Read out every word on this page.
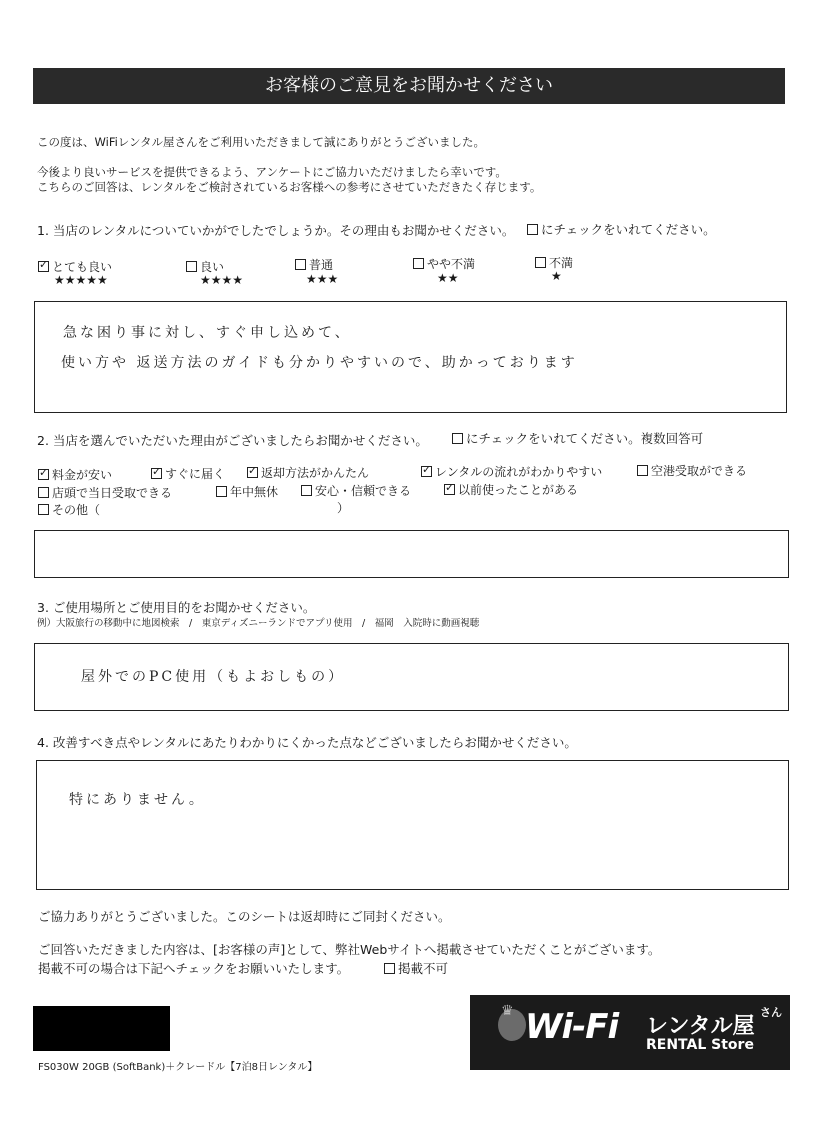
お客様のご意見をお聞かせください
この度は、WiFiレンタル屋さんをご利用いただきまして誠にありがとうございました。
今後より良いサービスを提供できるよう、アンケートにご協力いただけましたら幸いです。
こちらのご回答は、レンタルをご検討されているお客様への参考にさせていただきたく存じます。
1. 当店のレンタルについていかがでしたでしょうか。その理由もお聞かせください。	にチェックをいれてください。
✓とても良い
★★★★★
良い
★★★★
普通
★★★
やや不満
★★
不満
★
急な困り事に対し、すぐ申し込めて、
使い方や 返送方法のガイドも分かりやすいので、助かっております
2. 当店を選んでいただいた理由がございましたらお聞かせください。	にチェックをいれてください。複数回答可
✓料金が安い ✓	すぐに届く ✓	返却方法がかんたん ✓	レンタルの流れがわかりやすい	空港受取ができる
店頭で当日受取できる	年中無休	安心・信頼できる ✓	以前使ったことがある
その他（	）
3. ご使用場所とご使用目的をお聞かせください。
例）大阪旅行の移動中に地図検索　/　東京ディズニーランドでアプリ使用　/　福岡　入院時に動画視聴
屋外でのPC使用（もよおしもの）
4. 改善すべき点やレンタルにあたりわかりにくかった点などございましたらお聞かせください。
特にありません。
ご協力ありがとうございました。このシートは返却時にご同封ください。
ご回答いただきました内容は、[お客様の声]として、弊社Webサイトへ掲載させていただくことがございます。
掲載不可の場合は下記へチェックをお願いいたします。	掲載不可
FS030W 20GB (SoftBank)＋クレードル【7泊8日レンタル】
♛ Wi-Fi レンタル屋
さん
RENTAL Store
